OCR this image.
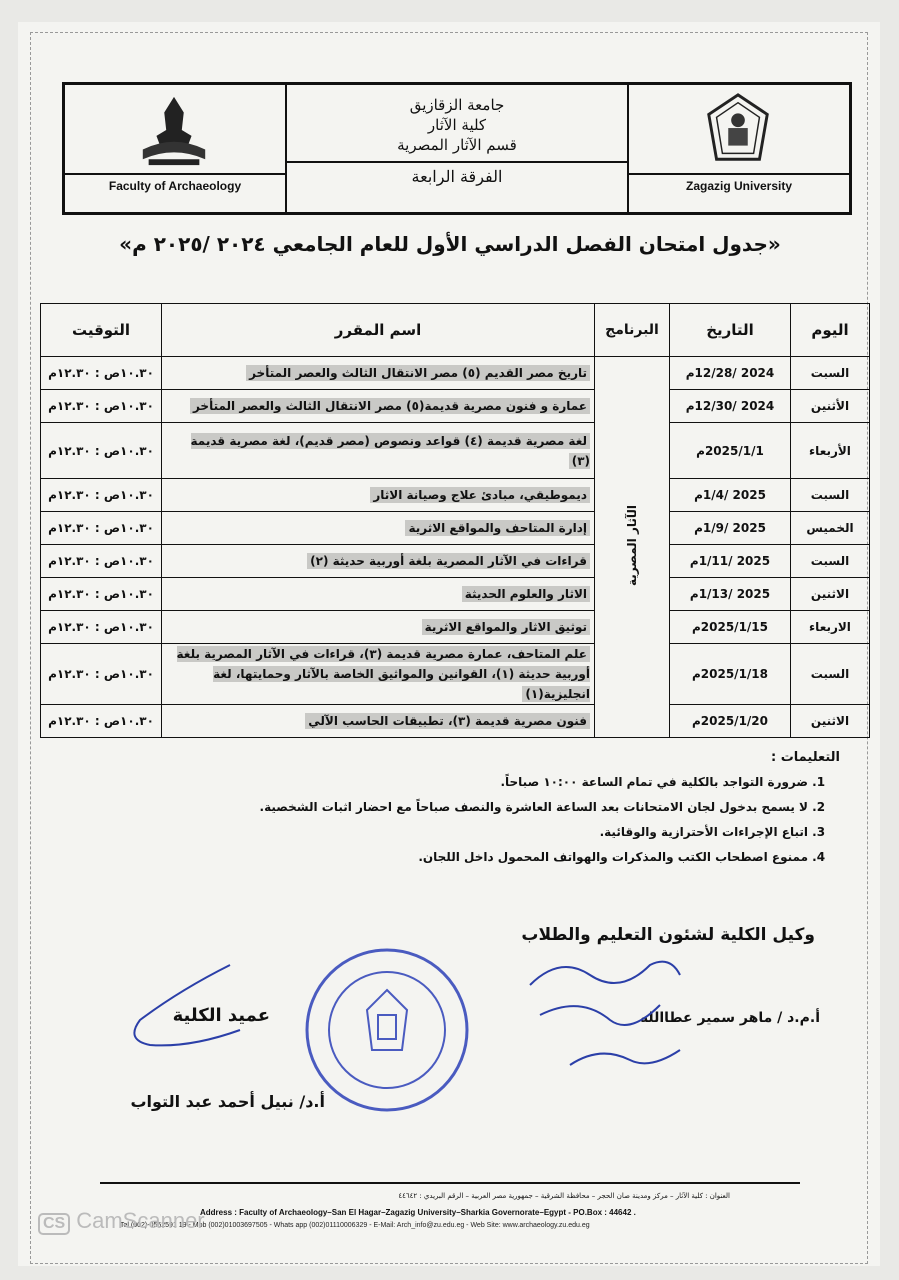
Faculty of Archaeology
جامعة الزقازيق
كلية الآثار
قسم الآثار المصرية
الفرقة الرابعة	Zagazig University
«جدول امتحان الفصل الدراسي الأول للعام الجامعي ٢٠٢٤ /٢٠٢٥ م»
اليوم	التاريخ	البرنامج	اسم المقرر	التوقيت
السبت	2024 /12/28م	الآثار المصرية	تاريخ مصر القديم (٥) مصر الانتقال الثالث والعصر المتأخر	١٠.٣٠ص : ١٢.٣٠م
الأثنين	2024 /12/30م		عمارة و فنون مصرية قديمة(٥) مصر الانتقال الثالث والعصر المتأخر	١٠.٣٠ص : ١٢.٣٠م
الأربعاء	2025/1/1م		لغة مصرية قديمة (٤) قواعد ونصوص (مصر قديم)، لغة مصرية قديمة (٣)	١٠.٣٠ص : ١٢.٣٠م
السبت	2025 /1/4م		ديموطيقي، مبادئ علاج وصيانة الاثار	١٠.٣٠ص : ١٢.٣٠م
الخميس	2025 /1/9م		إدارة المتاحف والمواقع الاثرية	١٠.٣٠ص : ١٢.٣٠م
السبت	2025 /1/11م		قراءات في الآثار المصرية بلغة أوربية حديثة (٢)	١٠.٣٠ص : ١٢.٣٠م
الاثنين	2025 /1/13م		الاثار والعلوم الحديثة	١٠.٣٠ص : ١٢.٣٠م
الاربعاء	2025/1/15م		توثيق الاثار والمواقع الاثرية	١٠.٣٠ص : ١٢.٣٠م
السبت	2025/1/18م		علم المتاحف، عمارة مصرية قديمة (٣)، قراءات في الآثار المصرية بلغة أوربية حديثة (١)، القوانين والمواثيق الخاصة بالآثار وحمايتها، لغة انجليزية(١)	١٠.٣٠ص : ١٢.٣٠م
الاثنين	2025/1/20م		فنون مصرية قديمة (٣)، تطبيقات الحاسب الآلي	١٠.٣٠ص : ١٢.٣٠م
التعليمات :
1. ضرورة التواجد بالكلية في تمام الساعة ١٠:٠٠ صباحاً.
2. لا يسمح بدخول لجان الامتحانات بعد الساعة العاشرة والنصف صباحاً مع احضار اثبات الشخصية.
3. اتباع الإجراءات الأحترازية والوقائية.
4. ممنوع اصطحاب الكتب والمذكرات والهواتف المحمول داخل اللجان.
وكيل الكلية لشئون التعليم والطلاب
أ.م.د / ماهر سمير عطاالله
عميد الكلية
أ.د/ نبيل أحمد عبد التواب
العنوان : كلية الآثار – مركز ومدينة صان الحجر – محافظة الشرقية – جمهورية مصر العربية – الرقم البريدي : ٤٤٦٤٢
Address : Faculty of Archaeology–San El Hagar–Zagazig University–Sharkia Governorate–Egypt - PO.Box : 44642 .
Tel (002)-0552591 19 - Mob (002)01003697505 - Whats app (002)01110006329 - E-Mail: Arch_info@zu.edu.eg - Web Site: www.archaeology.zu.edu.eg
CS CamScanner
